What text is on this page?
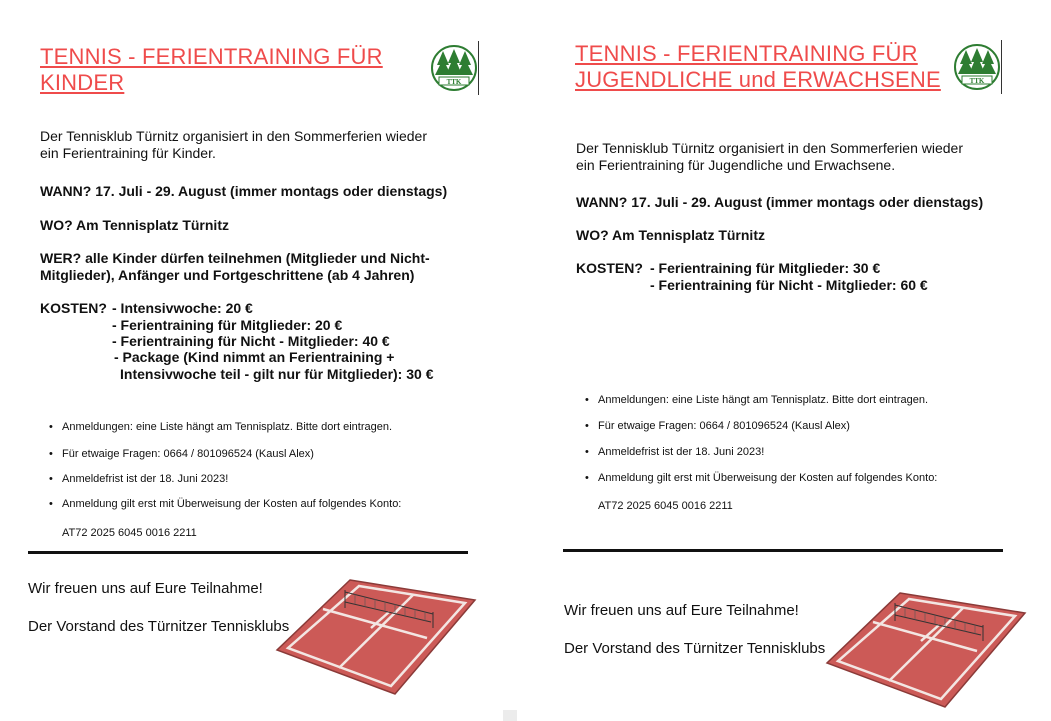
TENNIS - FERIENTRAINING FÜR
KINDER	TTK

Der Tennisklub Türnitz organisiert in den Sommerferien wieder
ein Ferientraining für Kinder.

WANN? 17. Juli - 29. August (immer montags oder dienstags)

WO? Am Tennisplatz Türnitz

WER? alle Kinder dürfen teilnehmen (Mitglieder und Nicht-
Mitglieder), Anfänger und Fortgeschrittene (ab 4 Jahren)

KOSTEN? - Intensivwoche: 20 €

- Ferientraining für Mitglieder: 20 €

- Ferientraining für Nicht - Mitglieder: 40 €

- Package (Kind nimmt an Ferientraining +

Intensivwoche teil - gilt nur für Mitglieder): 30 €

• Anmeldungen: eine Liste hängt am Tennisplatz. Bitte dort eintragen.

• Für etwaige Fragen: 0664 / 801096524 (Kausl Alex)

• Anmeldefrist ist der 18. Juni 2023!

• Anmeldung gilt erst mit Überweisung der Kosten auf folgendes Konto:

AT72 2025 6045 0016 2211

Wir freuen uns auf Eure Teilnahme!

Der Vorstand des Türnitzer Tennisklubs

TENNIS - FERIENTRAINING FÜR
JUGENDLICHE und ERWACHSENE	TTK

Der Tennisklub Türnitz organisiert in den Sommerferien wieder
ein Ferientraining für Jugendliche und Erwachsene.

WANN? 17. Juli - 29. August (immer montags oder dienstags)

WO? Am Tennisplatz Türnitz

KOSTEN? - Ferientraining für Mitglieder: 30 €

- Ferientraining für Nicht - Mitglieder: 60 €

• Anmeldungen: eine Liste hängt am Tennisplatz. Bitte dort eintragen.

• Für etwaige Fragen: 0664 / 801096524 (Kausl Alex)

• Anmeldefrist ist der 18. Juni 2023!

• Anmeldung gilt erst mit Überweisung der Kosten auf folgendes Konto:

AT72 2025 6045 0016 2211

Wir freuen uns auf Eure Teilnahme!

Der Vorstand des Türnitzer Tennisklubs
